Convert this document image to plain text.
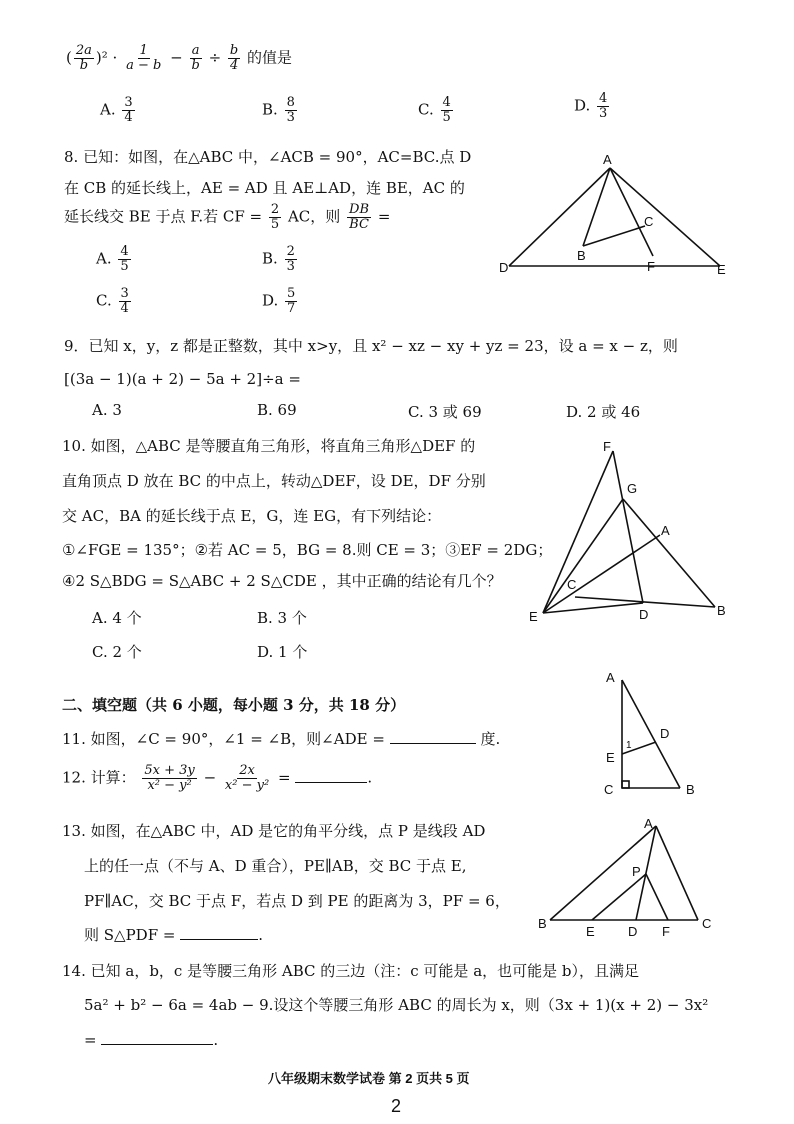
( $\frac{2a}{b} )^2 \cdot \frac{1}{a - b} - \frac{a}{b} \div \frac{b}{4}$ 的值是
A. $\frac{3}{4}$	B. $\frac{8}{3}$	C. $\frac{4}{5}$	D. $\frac{4}{3}$
8. 已知：如图，在△ABC 中，∠ACB = 90°，AC=BC.点 D
在 CB 的延长线上，AE = AD 且 AE⊥AD，连 BE，AC 的
延长线交 BE 于点 F.若 CF = $\frac{2}{5}$ AC，则 $\frac{DB}{BC}$ =
A. $\frac{4}{5}$	B. $\frac{2}{3}$
C. $\frac{3}{4}$	D. $\frac{5}{7}$
A
D
B
C
F	E
9．已知 x，y，z 都是正整数，其中 x>y，且 x² − xz − xy + yz = 23，设 a = x − z，则
[(3a − 1)(a + 2) − 5a + 2]÷a =
A. 3	B. 69	C. 3 或 69	D. 2 或 46
10. 如图，△ABC 是等腰直角三角形，将直角三角形△DEF 的
直角顶点 D 放在 BC 的中点上，转动△DEF，设 DE，DF 分别
交 AC，BA 的延长线于点 E，G，连 EG，有下列结论：
①∠FGE = 135°；②若 AC = 5，BG = 8.则 CE = 3；③EF = 2DG；
④2 S△BDG = S△ABC + 2 S△CDE ，其中正确的结论有几个？
A. 4 个	B. 3 个
C. 2 个	D. 1 个
F
G
A
C
E	D	B
二、填空题（共 6 小题，每小题 3 分，共 18 分）
11. 如图，∠C = 90°，∠1 = ∠B，则∠ADE =	度.
A
D
E
1
C	B
12. 计算： $\frac{5x + 3y}{\text{x² − y²}} - \frac{2x}{\text{x² − y²}}$ =	.
13. 如图，在△ABC 中，AD 是它的角平分线，点 P 是线段 AD
上的任一点（不与 A、D 重合），PE∥AB，交 BC 于点 E,
PF∥AC，交 BC 于点 F，若点 D 到 PE 的距离为 3，PF = 6，
则 S△PDF =	.
A
P
B
E	D F
C
14. 已知 a，b，c 是等腰三角形 ABC 的三边（注：c 可能是 a，也可能是 b），且满足
5a² + b² − 6a = 4ab − 9.设这个等腰三角形 ABC 的周长为 x，则（3x + 1)(x + 2) − 3x²
=	.
八年级期末数学试卷 第 2 页共 5 页
2
